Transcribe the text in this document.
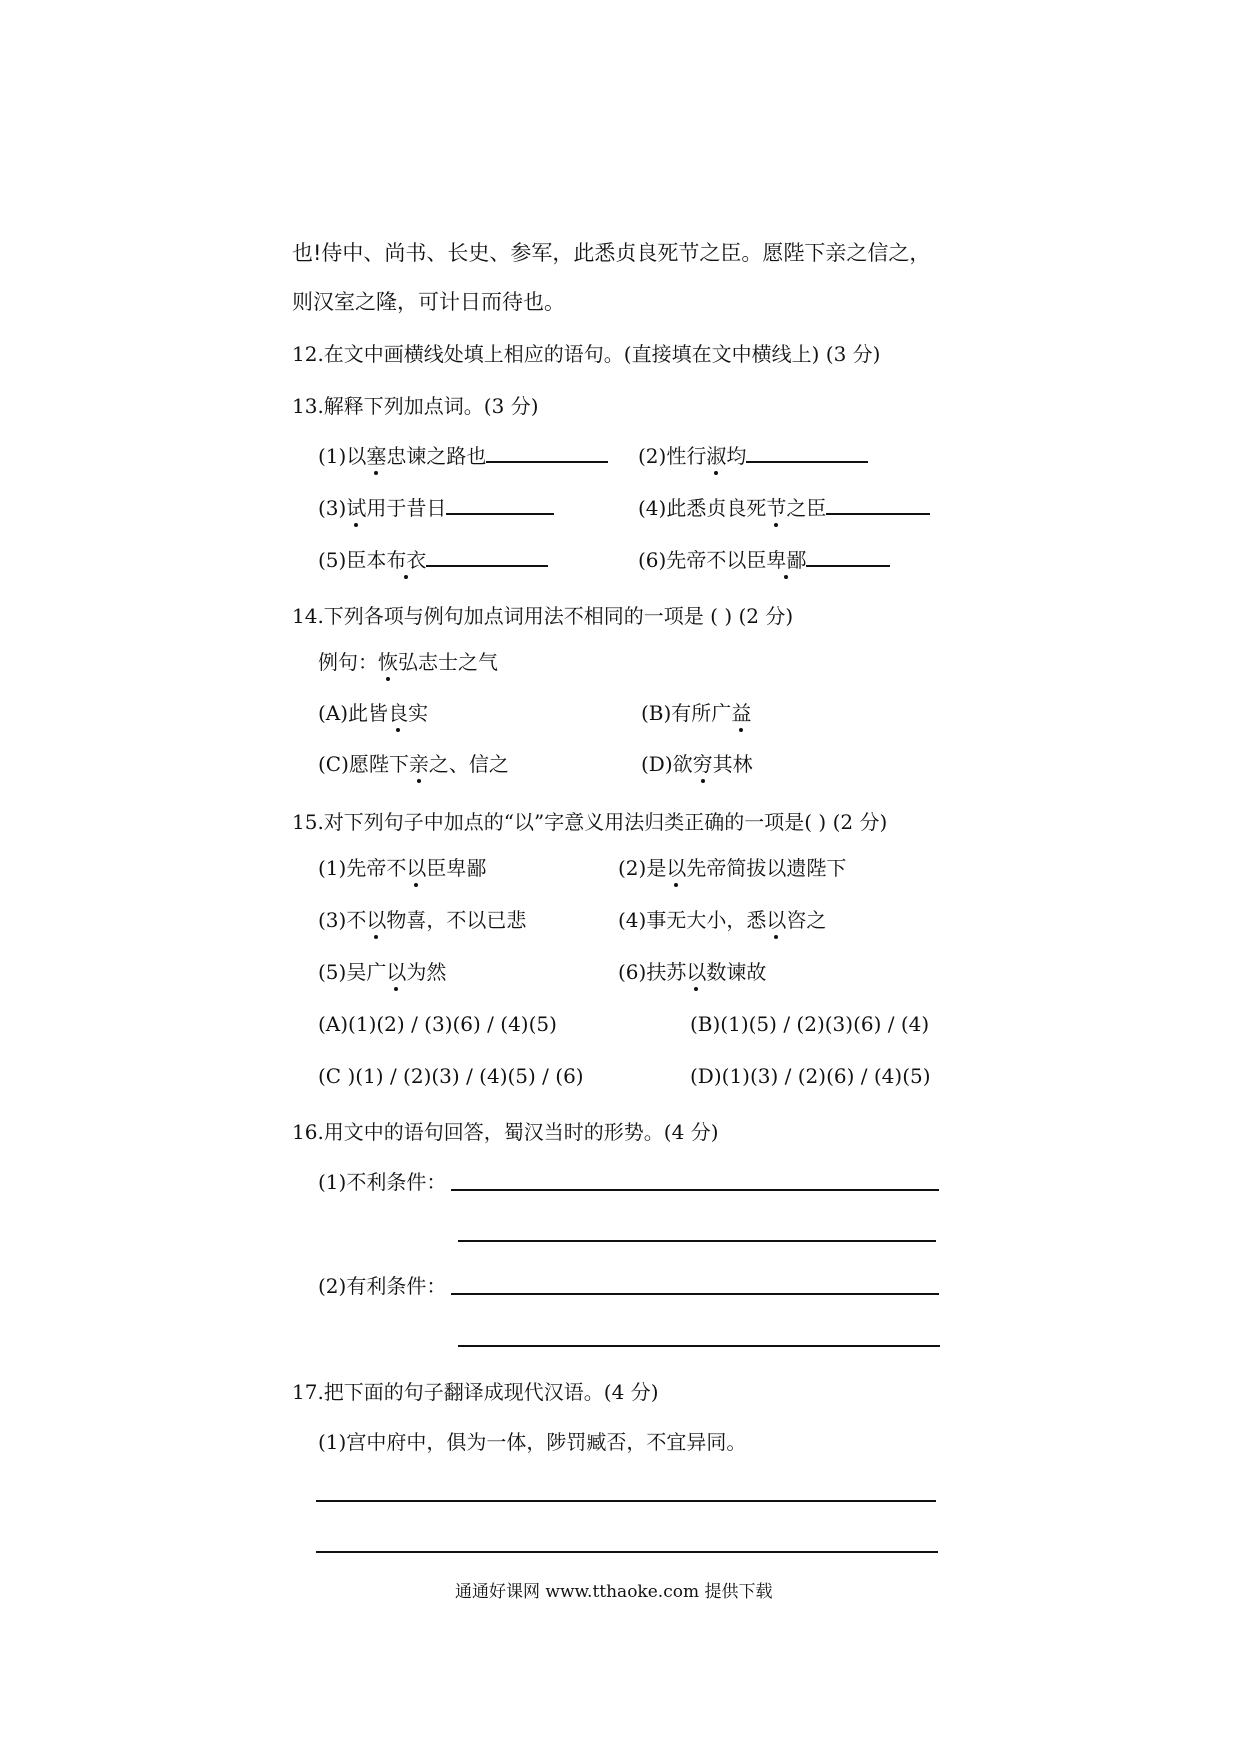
也!侍中、尚书、长史、参军，此悉贞良死节之臣。愿陛下亲之信之，
则汉室之隆，可计日而待也。
12.在文中画横线处填上相应的语句。(直接填在文中横线上) (3 分)
13.解释下列加点词。(3 分)
(1)以塞忠谏之路也	(2)性行淑均
(3)试用于昔日	(4)此悉贞良死节之臣
(5)臣本布衣	(6)先帝不以臣卑鄙
14.下列各项与例句加点词用法不相同的一项是 ( ) (2 分)
例句：恢弘志士之气
(A)此皆良实	(B)有所广益
(C)愿陛下亲之、信之	(D)欲穷其林
15.对下列句子中加点的“以”字意义用法归类正确的一项是( ) (2 分)
(1)先帝不以臣卑鄙	(2)是以先帝简拔以遗陛下
(3)不以物喜，不以已悲	(4)事无大小，悉以咨之
(5)吴广以为然	(6)扶苏以数谏故
(A)(1)(2) / (3)(6) / (4)(5)	(B)(1)(5) / (2)(3)(6) / (4)
(C )(1) / (2)(3) / (4)(5) / (6)	(D)(1)(3) / (2)(6) / (4)(5)
16.用文中的语句回答，蜀汉当时的形势。(4 分)
(1)不利条件：
(2)有利条件：
17.把下面的句子翻译成现代汉语。(4 分)
(1)宫中府中，俱为一体，陟罚臧否，不宜异同。
通通好课网 www.tthaoke.com 提供下载
